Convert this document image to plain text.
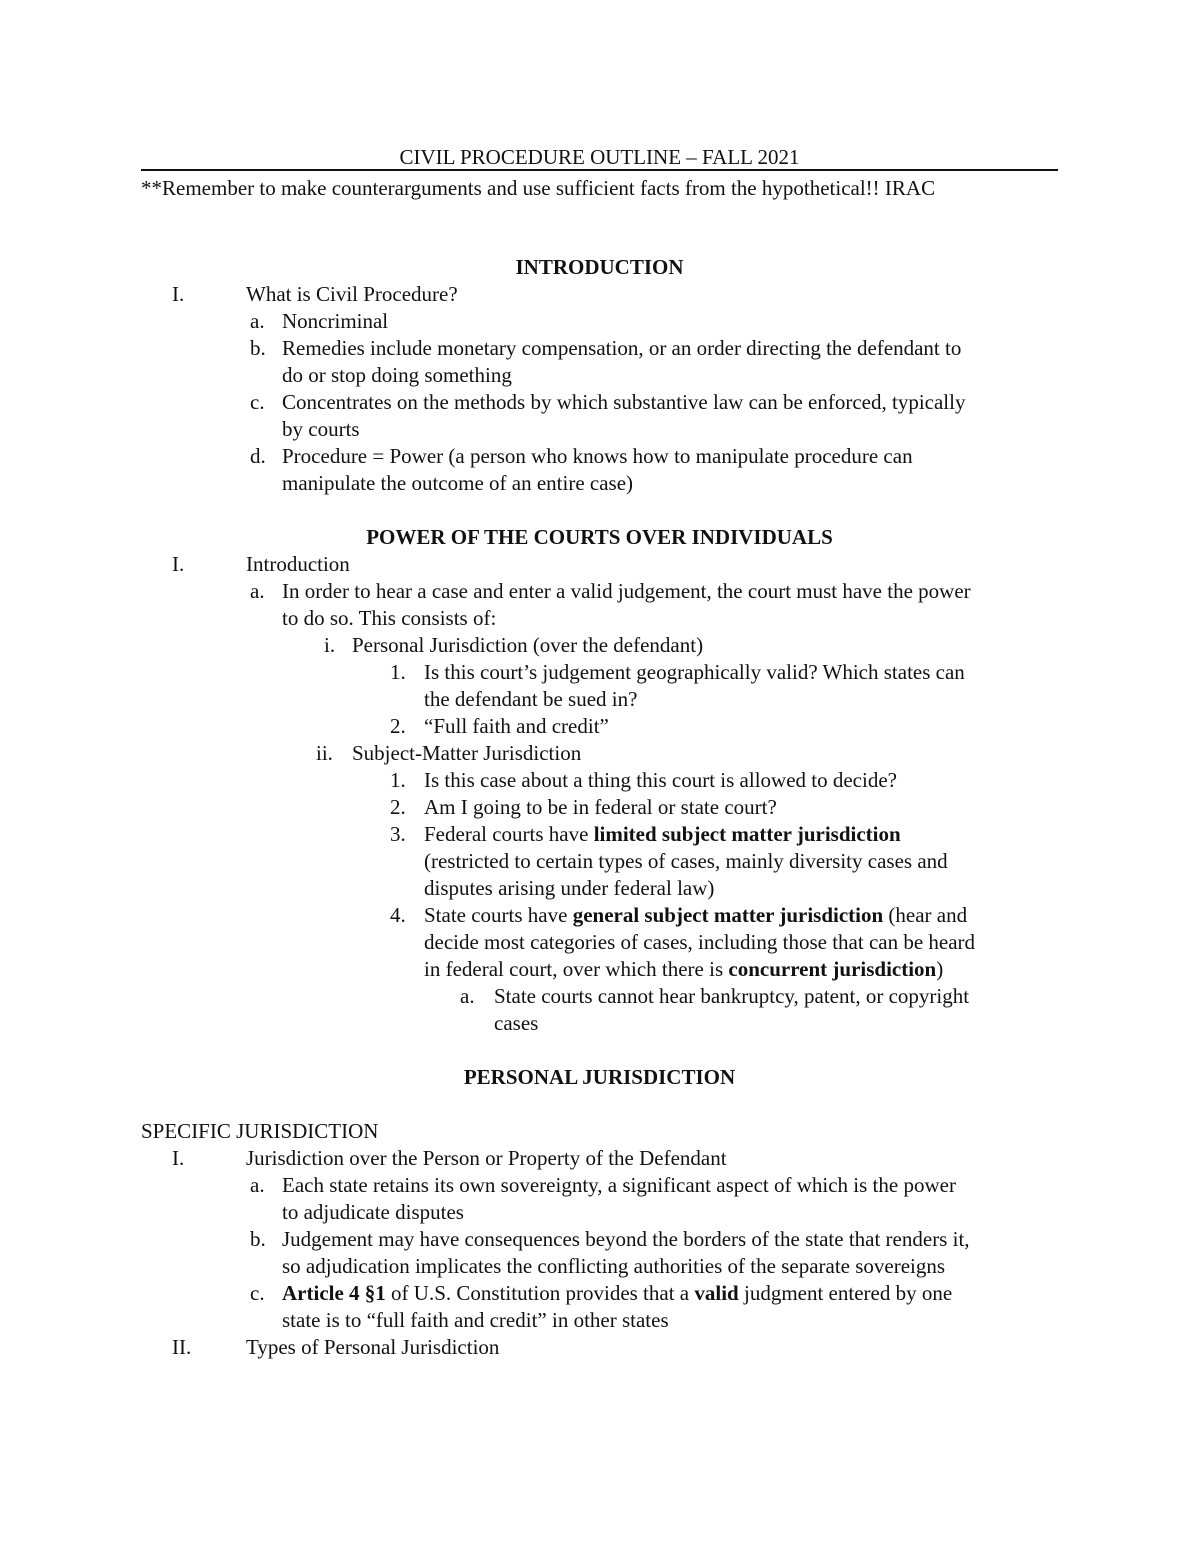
CIVIL PROCEDURE OUTLINE – FALL 2021
**Remember to make counterarguments and use sufficient facts from the hypothetical!! IRAC
INTRODUCTION
I.	What is Civil Procedure?
a. Noncriminal
b. Remedies include monetary compensation, or an order directing the defendant to
do or stop doing something
c. Concentrates on the methods by which substantive law can be enforced, typically
by courts
d. Procedure = Power (a person who knows how to manipulate procedure can
manipulate the outcome of an entire case)
POWER OF THE COURTS OVER INDIVIDUALS
I.	Introduction
a. In order to hear a case and enter a valid judgement, the court must have the power
to do so. This consists of:
i. Personal Jurisdiction (over the defendant)
1. Is this court’s judgement geographically valid? Which states can
the defendant be sued in?
2. “Full faith and credit”
ii. Subject-Matter Jurisdiction
1. Is this case about a thing this court is allowed to decide?
2. Am I going to be in federal or state court?
3. Federal courts have limited subject matter jurisdiction
(restricted to certain types of cases, mainly diversity cases and
disputes arising under federal law)
4. State courts have general subject matter jurisdiction (hear and
decide most categories of cases, including those that can be heard
in federal court, over which there is concurrent jurisdiction)
a. State courts cannot hear bankruptcy, patent, or copyright
cases
PERSONAL JURISDICTION
SPECIFIC JURISDICTION
I.	Jurisdiction over the Person or Property of the Defendant
a. Each state retains its own sovereignty, a significant aspect of which is the power
to adjudicate disputes
b. Judgement may have consequences beyond the borders of the state that renders it,
so adjudication implicates the conflicting authorities of the separate sovereigns
c. Article 4 §1 of U.S. Constitution provides that a valid judgment entered by one
state is to “full faith and credit” in other states
II.	Types of Personal Jurisdiction
